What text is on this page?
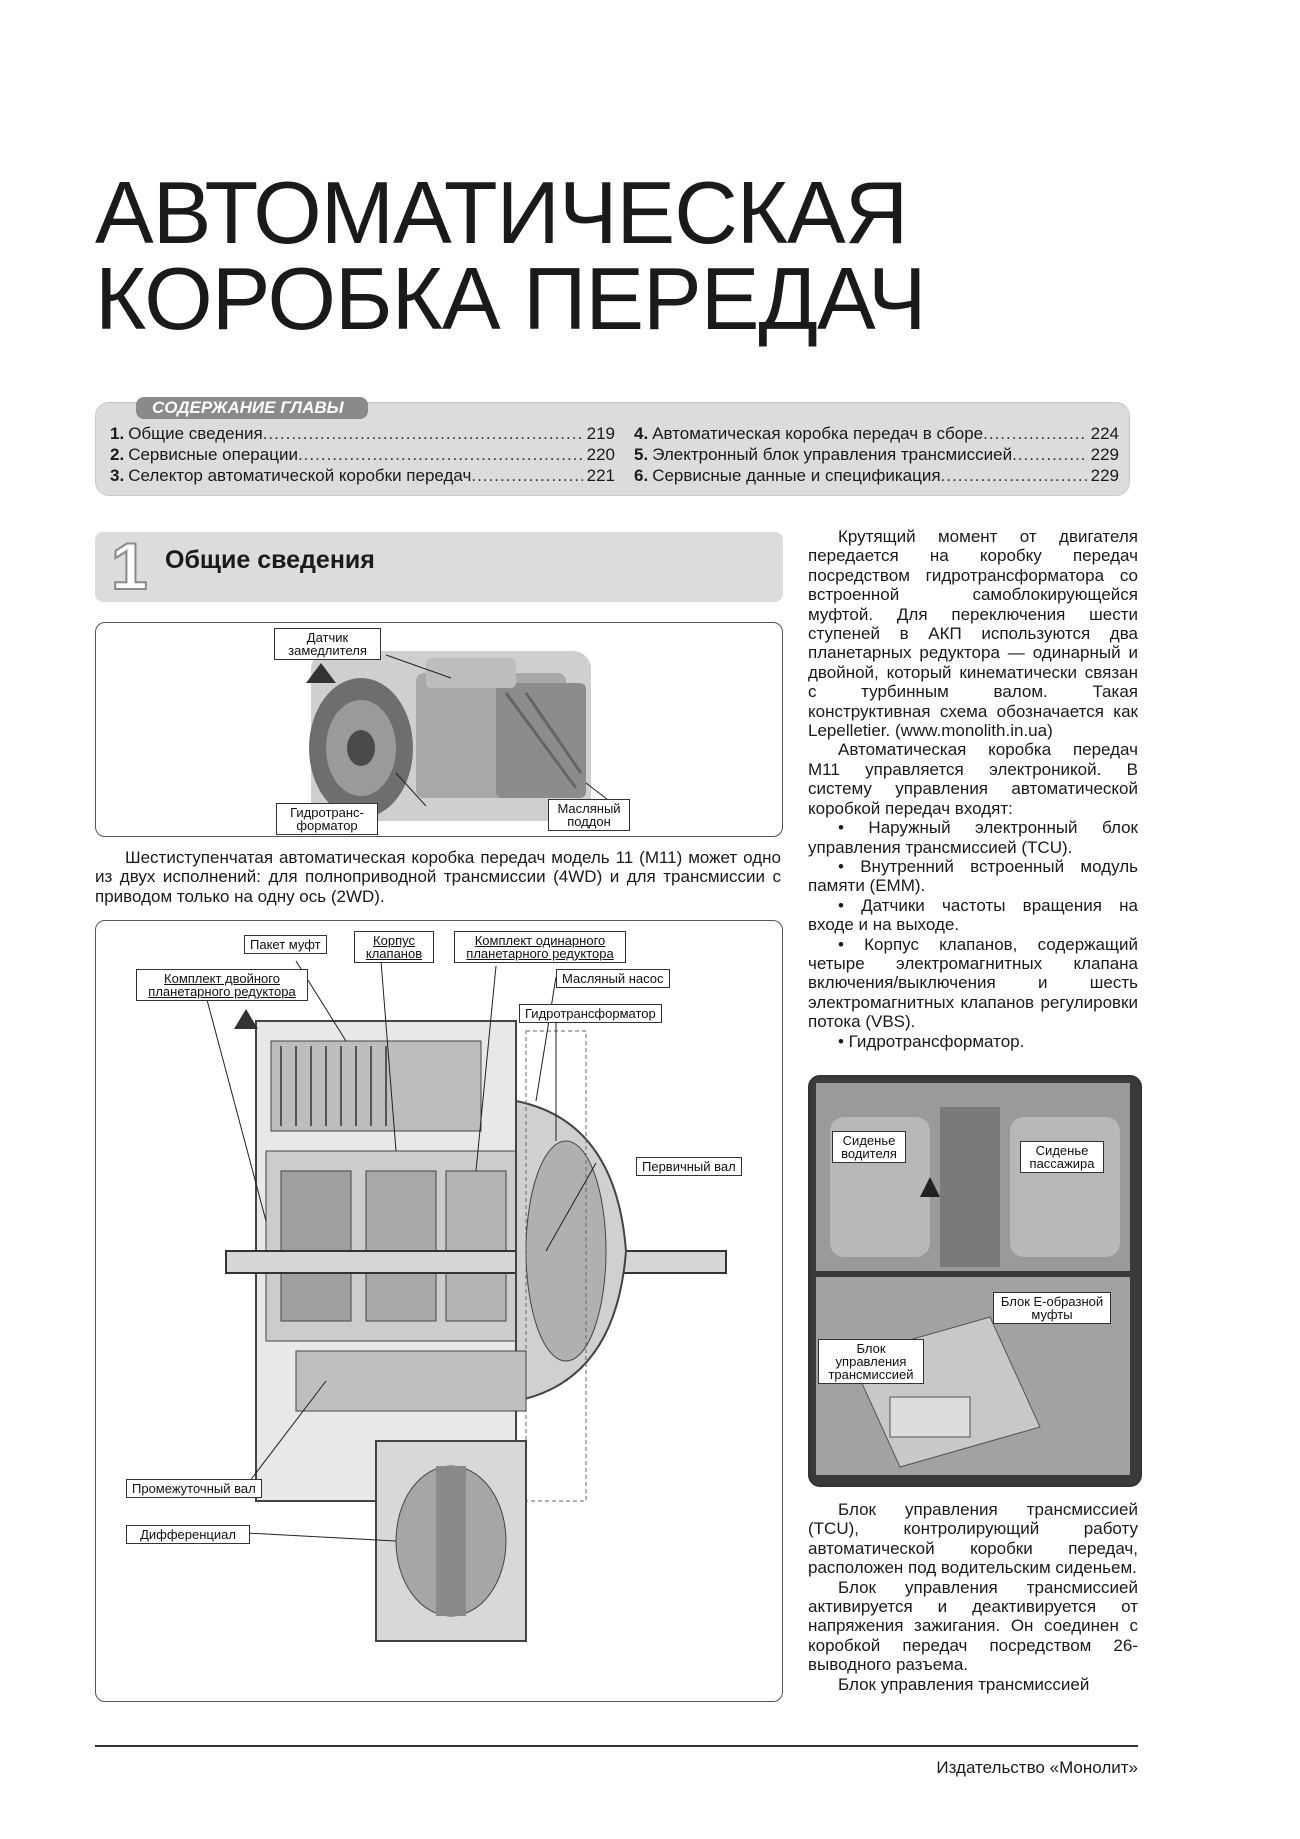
АВТОМАТИЧЕСКАЯ
КОРОБКА ПЕРЕДАЧ
СОДЕРЖАНИЕ ГЛАВЫ
1. Общие сведения .....	219
2. Сервисные операции .....	220
3. Селектор автоматической коробки передач .....	221
4. Автоматическая коробка передач в сборе .....	224
5. Электронный блок управления трансмиссией .....	229
6. Сервисные данные и спецификация .....	229
1 Общие сведения
Датчик замедлителя
Гидротранс-форматор
Масляный поддон

Шестиступенчатая автоматическая коробка передач модель 11 (M11) может одно из двух исполнений: для полноприводной трансмиссии (4WD) и для трансмиссии с приводом только на одну ось (2WD).

Пакет муфт	Корпус клапанов
Комплект одинарного планетарного редуктора
Комплект двойного планетарного редуктора
Масляный насос
Гидротрансформатор
Первичный вал
Промежуточный вал
Дифференциал

Крутящий момент от двигателя передается на коробку передач посредством гидротрансформатора со встроенной самоблокирующейся муфтой. Для переключения шести ступеней в АКП используются два планетарных редуктора — одинарный и двойной, который кинематически связан с турбинным валом. Такая конструктивная схема обозначается как Lepelletier. (www.monolith.in.ua)

Автоматическая коробка передач M11 управляется электроникой. В систему управления автоматической коробкой передач входят:

• Наружный электронный блок управления трансмиссией (TCU).

• Внутренний встроенный модуль памяти (EMM).

• Датчики частоты вращения на входе и на выходе.

• Корпус клапанов, содержащий четыре электромагнитных клапана включения/выключения и шесть электромагнитных клапанов регулировки потока (VBS).

• Гидротрансформатор.

Сиденье водителя	Сиденье пассажира
Блок Е-образной муфты
Блок управления трансмиссией

Блок управления трансмиссией (TCU), контролирующий работу автоматической коробки передач, расположен под водительским сиденьем.

Блок управления трансмиссией активируется и деактивируется от напряжения зажигания. Он соединен с коробкой передач посредством 26-выводного разъема.

Блок управления трансмиссией

Издательство «Монолит»
